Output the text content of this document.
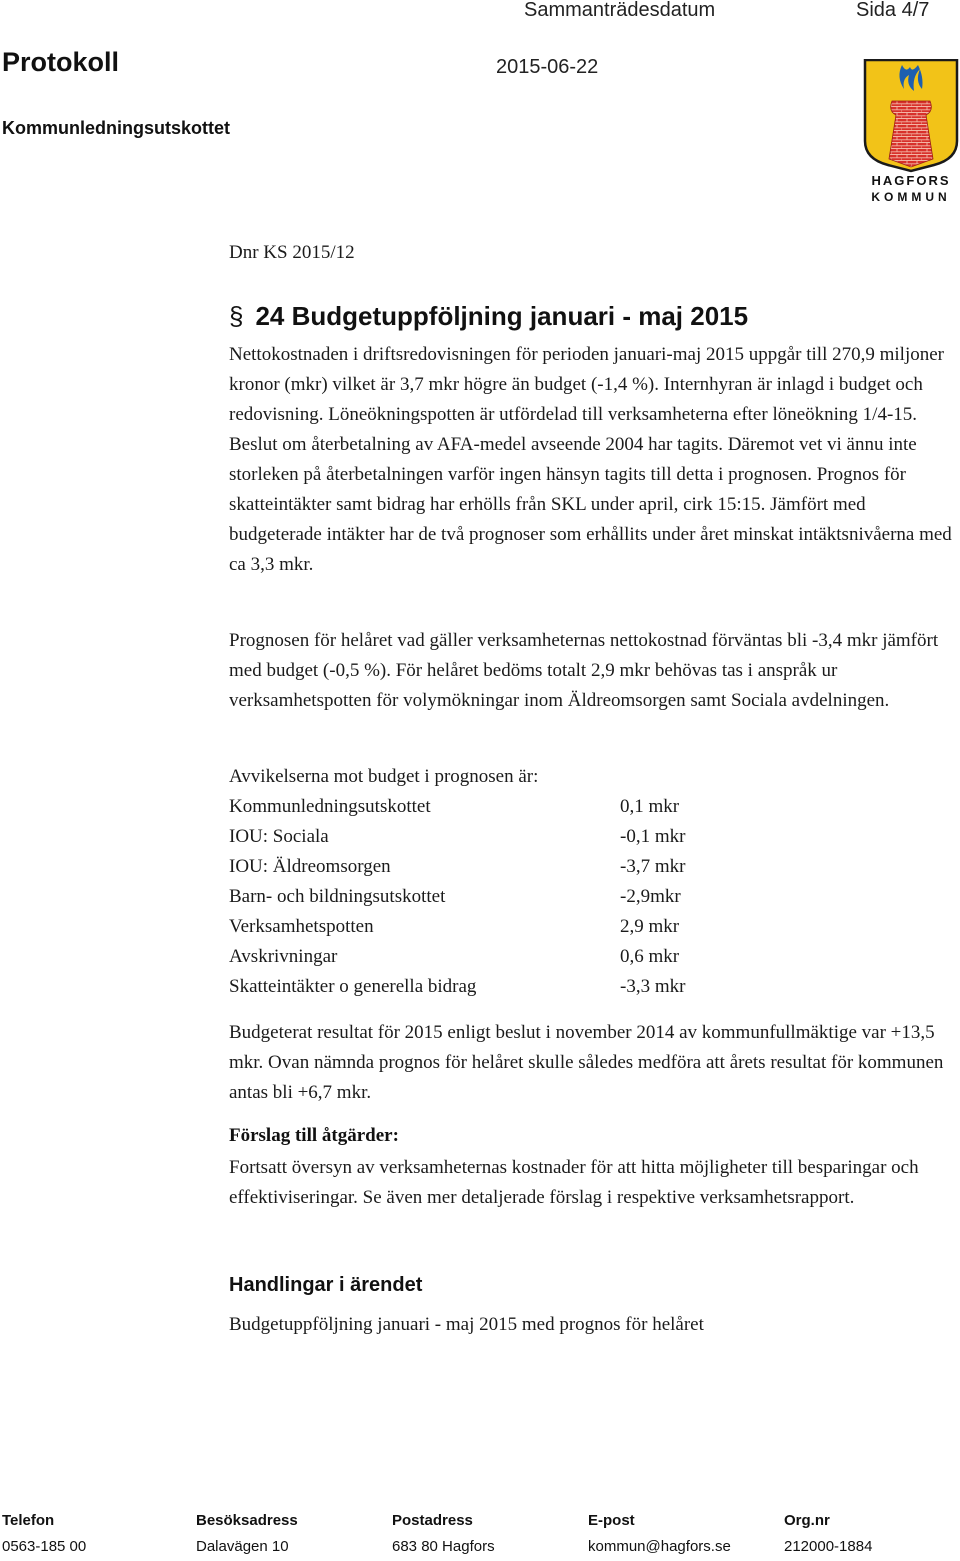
Sammanträdesdatum	Sida 4/7
Protokoll	2015-06-22
Kommunledningsutskottet
HAGFORS
KOMMUN
Dnr KS 2015/12
§ 24 Budgetuppföljning januari - maj 2015
Nettokostnaden i driftsredovisningen för perioden januari-maj 2015 uppgår till 270,9 miljoner kronor (mkr) vilket är 3,7 mkr högre än budget (-1,4 %). Internhyran är inlagd i budget och redovisning. Löneökningspotten är utfördelad till verksamheterna efter löneökning 1/4-15. Beslut om återbetalning av AFA-medel avseende 2004 har tagits. Däremot vet vi ännu inte storleken på återbetalningen varför ingen hänsyn tagits till detta i prognosen. Prognos för skatteintäkter samt bidrag har erhölls från SKL under april, cirk 15:15. Jämfört med budgeterade intäkter har de två prognoser som erhållits under året minskat intäktsnivåerna med ca 3,3 mkr.
Prognosen för helåret vad gäller verksamheternas nettokostnad förväntas bli -3,4 mkr jämfört med budget (-0,5 %). För helåret bedöms totalt 2,9 mkr behövas tas i anspråk ur verksamhetspotten för volymökningar inom Äldreomsorgen samt Sociala avdelningen.
Avvikelserna mot budget i prognosen är:
Kommunledningsutskottet	0,1 mkr
IOU: Sociala	-0,1 mkr
IOU: Äldreomsorgen	-3,7 mkr
Barn- och bildningsutskottet	-2,9mkr
Verksamhetspotten	2,9 mkr
Avskrivningar	0,6 mkr
Skatteintäkter o generella bidrag	-3,3 mkr
Budgeterat resultat för 2015 enligt beslut i november 2014 av kommunfullmäktige var +13,5 mkr. Ovan nämnda prognos för helåret skulle således medföra att årets resultat för kommunen antas bli +6,7 mkr.
Förslag till åtgärder:
Fortsatt översyn av verksamheternas kostnader för att hitta möjligheter till besparingar och effektiviseringar. Se även mer detaljerade förslag i respektive verksamhetsrapport.
Handlingar i ärendet
Budgetuppföljning januari - maj 2015 med prognos för helåret
Telefon	Besöksadress	Postadress	E-post	Org.nr
0563-185 00	Dalavägen 10	683 80 Hagfors	kommun@hagfors.se	212000-1884
